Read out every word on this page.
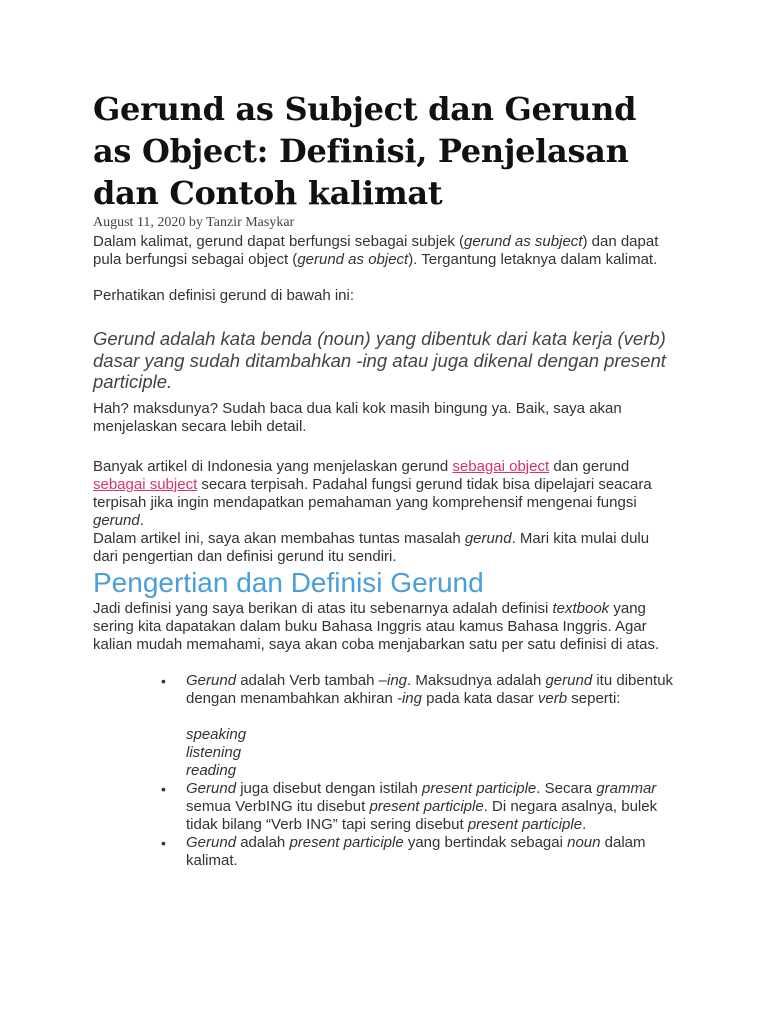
Gerund as Subject dan Gerund as Object: Definisi, Penjelasan dan Contoh kalimat

August 11, 2020 by Tanzir Masykar

Dalam kalimat, gerund dapat berfungsi sebagai subjek (gerund as subject) dan dapat pula berfungsi sebagai object (gerund as object). Tergantung letaknya dalam kalimat.

Perhatikan definisi gerund di bawah ini:

Gerund adalah kata benda (noun) yang dibentuk dari kata kerja (verb) dasar yang sudah ditambahkan -ing atau juga dikenal dengan present participle.

Hah? maksdunya? Sudah baca dua kali kok masih bingung ya. Baik, saya akan menjelaskan secara lebih detail.

Banyak artikel di Indonesia yang menjelaskan gerund sebagai object dan gerund sebagai subject secara terpisah. Padahal fungsi gerund tidak bisa dipelajari seacara terpisah jika ingin mendapatkan pemahaman yang komprehensif mengenai fungsi gerund.

Dalam artikel ini, saya akan membahas tuntas masalah gerund. Mari kita mulai dulu dari pengertian dan definisi gerund itu sendiri.

Pengertian dan Definisi Gerund

Jadi definisi yang saya berikan di atas itu sebenarnya adalah definisi textbook yang sering kita dapatakan dalam buku Bahasa Inggris atau kamus Bahasa Inggris. Agar kalian mudah memahami, saya akan coba menjabarkan satu per satu definisi di atas.

• Gerund adalah Verb tambah –ing. Maksudnya adalah gerund itu dibentuk dengan menambahkan akhiran -ing pada kata dasar verb seperti:
speaking
listening
reading
• Gerund juga disebut dengan istilah present participle. Secara grammar semua VerbING itu disebut present participle. Di negara asalnya, bulek tidak bilang “Verb ING” tapi sering disebut present participle.
• Gerund adalah present participle yang bertindak sebagai noun dalam kalimat.
